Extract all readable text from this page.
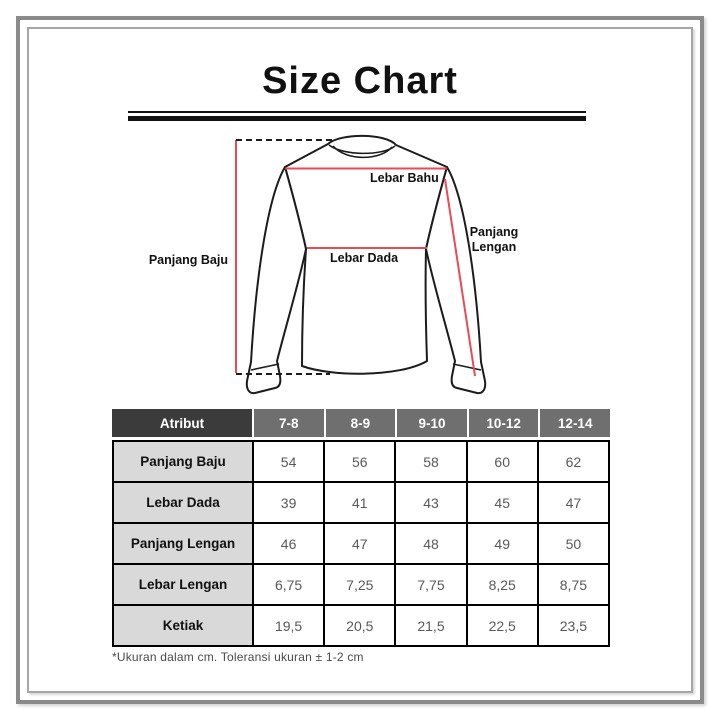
Size Chart
Panjang Baju
Lebar Bahu
Lebar Dada
Panjang
Lengan
Atribut	7-8	8-9	9-10	10-12	12-14
Panjang Baju	54	56	58	60	62
Lebar Dada	39	41	43	45	47
Panjang Lengan	46	47	48	49	50
Lebar Lengan	6,75	7,25	7,75	8,25	8,75
Ketiak	19,5	20,5	21,5	22,5	23,5
*Ukuran dalam cm. Toleransi ukuran ± 1-2 cm
